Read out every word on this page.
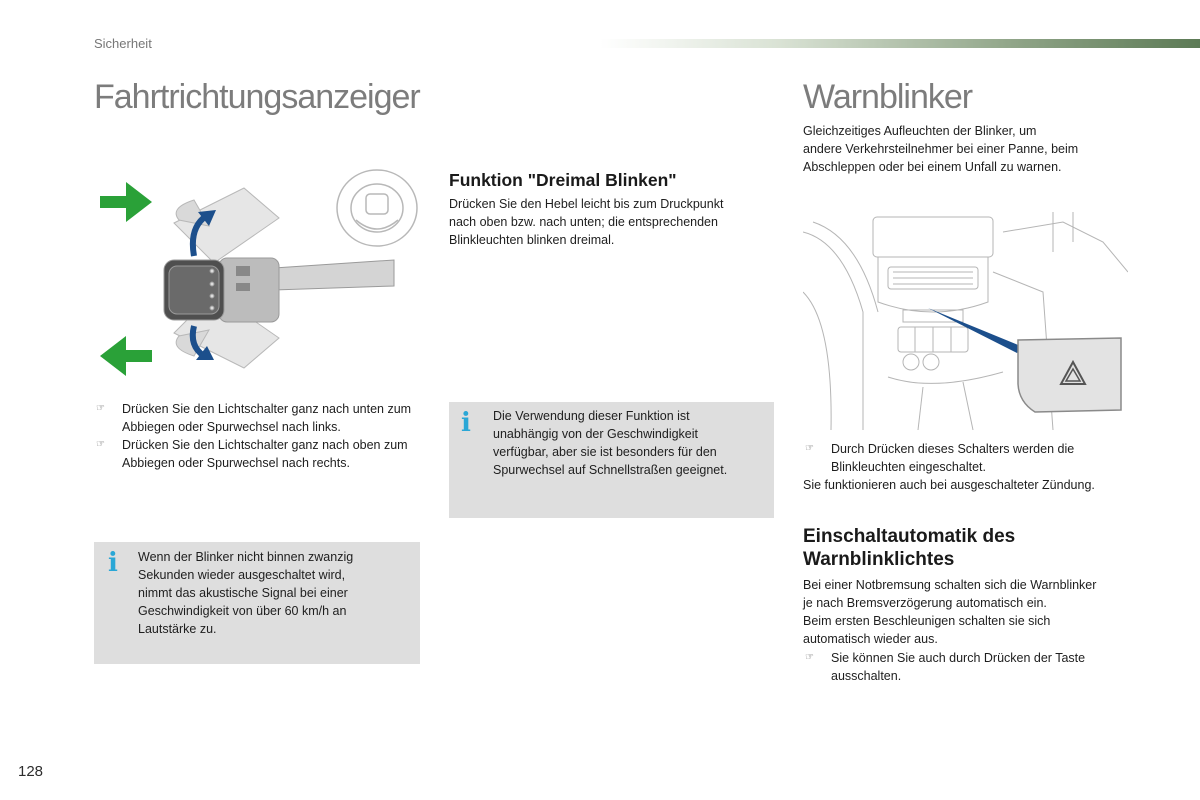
Sicherheit
Fahrtrichtungsanzeiger	Warnblinker
☞ Drücken Sie den Lichtschalter ganz nach unten zum Abbiegen oder Spurwechsel nach links.
☞ Drücken Sie den Lichtschalter ganz nach oben zum Abbiegen oder Spurwechsel nach rechts.
i Wenn der Blinker nicht binnen zwanzig
Sekunden wieder ausgeschaltet wird,
nimmt das akustische Signal bei einer
Geschwindigkeit von über 60 km/h an
Lautstärke zu.
Funktion "Dreimal Blinken"
Drücken Sie den Hebel leicht bis zum Druckpunkt
nach oben bzw. nach unten; die entsprechenden
Blinkleuchten blinken dreimal.
i Die Verwendung dieser Funktion ist
unabhängig von der Geschwindigkeit
verfügbar, aber sie ist besonders für den
Spurwechsel auf Schnellstraßen geeignet.
Gleichzeitiges Aufleuchten der Blinker, um
andere Verkehrsteilnehmer bei einer Panne, beim
Abschleppen oder bei einem Unfall zu warnen.
☞ Durch Drücken dieses Schalters werden die Blinkleuchten eingeschaltet.
Sie funktionieren auch bei ausgeschalteter Zündung.
Einschaltautomatik des
Warnblinklichtes
Bei einer Notbremsung schalten sich die Warnblinker
je nach Bremsverzögerung automatisch ein.
Beim ersten Beschleunigen schalten sie sich
automatisch wieder aus.
☞ Sie können Sie auch durch Drücken der Taste ausschalten.
128
